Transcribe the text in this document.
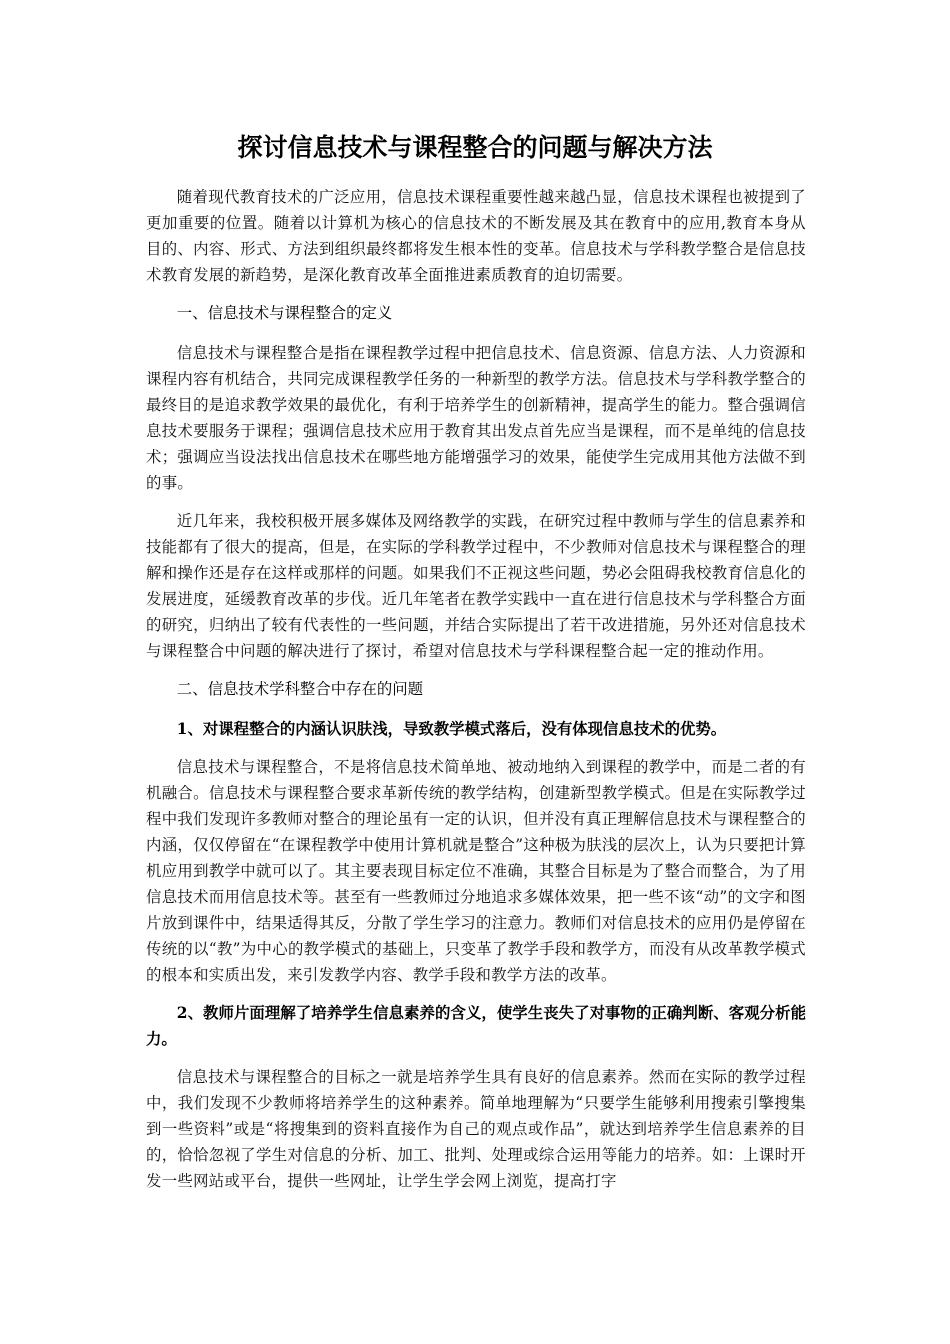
探讨信息技术与课程整合的问题与解决方法

随着现代教育技术的广泛应用，信息技术课程重要性越来越凸显，信息技术课程也被提到了更加重要的位置。随着以计算机为核心的信息技术的不断发展及其在教育中的应用,教育本身从目的、内容、形式、方法到组织最终都将发生根本性的变革。信息技术与学科教学整合是信息技术教育发展的新趋势，是深化教育改革全面推进素质教育的迫切需要。

一、信息技术与课程整合的定义

信息技术与课程整合是指在课程教学过程中把信息技术、信息资源、信息方法、人力资源和课程内容有机结合，共同完成课程教学任务的一种新型的教学方法。信息技术与学科教学整合的最终目的是追求教学效果的最优化，有利于培养学生的创新精神，提高学生的能力。整合强调信息技术要服务于课程；强调信息技术应用于教育其出发点首先应当是课程，而不是单纯的信息技术；强调应当设法找出信息技术在哪些地方能增强学习的效果，能使学生完成用其他方法做不到的事。

近几年来，我校积极开展多媒体及网络教学的实践，在研究过程中教师与学生的信息素养和技能都有了很大的提高，但是，在实际的学科教学过程中，不少教师对信息技术与课程整合的理解和操作还是存在这样或那样的问题。如果我们不正视这些问题，势必会阻碍我校教育信息化的发展进度，延缓教育改革的步伐。近几年笔者在教学实践中一直在进行信息技术与学科整合方面的研究，归纳出了较有代表性的一些问题，并结合实际提出了若干改进措施，另外还对信息技术与课程整合中问题的解决进行了探讨，希望对信息技术与学科课程整合起一定的推动作用。

二、信息技术学科整合中存在的问题
1、对课程整合的内涵认识肤浅，导致教学模式落后，没有体现信息技术的优势。

信息技术与课程整合，不是将信息技术简单地、被动地纳入到课程的教学中，而是二者的有机融合。信息技术与课程整合要求革新传统的教学结构，创建新型教学模式。但是在实际教学过程中我们发现许多教师对整合的理论虽有一定的认识，但并没有真正理解信息技术与课程整合的内涵，仅仅停留在“在课程教学中使用计算机就是整合”这种极为肤浅的层次上，认为只要把计算机应用到教学中就可以了。其主要表现目标定位不准确，其整合目标是为了整合而整合，为了用信息技术而用信息技术等。甚至有一些教师过分地追求多媒体效果，把一些不该“动”的文字和图片放到课件中，结果适得其反，分散了学生学习的注意力。教师们对信息技术的应用仍是停留在传统的以“教”为中心的教学模式的基础上，只变革了教学手段和教学方，而没有从改革教学模式的根本和实质出发，来引发教学内容、教学手段和教学方法的改革。

2、教师片面理解了培养学生信息素养的含义，使学生丧失了对事物的正确判断、客观分析能力。

信息技术与课程整合的目标之一就是培养学生具有良好的信息素养。然而在实际的教学过程中，我们发现不少教师将培养学生的这种素养。简单地理解为“只要学生能够利用搜索引擎搜集到一些资料”或是“将搜集到的资料直接作为自己的观点或作品”，就达到培养学生信息素养的目的，恰恰忽视了学生对信息的分析、加工、批判、处理或综合运用等能力的培养。如：上课时开发一些网站或平台，提供一些网址，让学生学会网上浏览，提高打字
